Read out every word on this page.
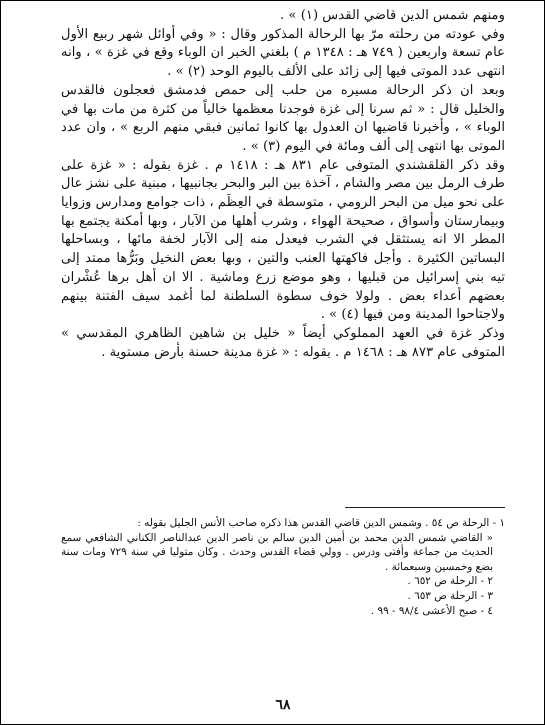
ومنهم شمس الدين قاضي القدس (١) » .

وفي عودته من رحلته مرّ بها الرحالة المذكور وقال : « وفي أوائل شهر ربيع الأول عام تسعة واربعين ( ٧٤٩ هـ : ١٣٤٨ م ) بلغني الخبر ان الوباء وقع في غزة » ، وانه انتهى عدد الموتى فيها إلى زائد على الألف باليوم الوحد (٢) » .

وبعد ان ذكر الرحالة مسيره من حلب إلى حمص فدمشق فعجلون فالقدس والخليل قال : « ثم سرنا إلى غزة فوجدنا معظمها خالياً من كثرة من مات بها في الوباء » ، وأخبرنا قاضيها ان العدول بها كانوا ثمانين فبقي منهم الربع » ، وان عدد الموتى بها انتهى إلى ألف ومائة في اليوم (٣) » .

وقد ذكر القلقشندي المتوفى عام ٨٣١ هـ : ١٤١٨ م . غزة بقوله : « غزة على طرف الرمل بين مصر والشام ، آخذة بين البر والبحر بجانبيها ، مبنية على نشز عال على نحو ميل من البحر الرومي ، متوسطة في العِظَم ، ذات جوامع ومدارس وزوايا وبيمارستان وأسواق ، صحيحة الهواء ، وشرب أهلها من الآبار ، وبها أمكنة يجتمع بها المطر الا انه يستثقل في الشرب فيعدل منه إلى الآبار لخفة مائها ، وبساحلها البساتين الكثيرة . وأجل فاكهتها العنب والتين ، وبها بعض النخيل وبَرُّها ممتد إلى تيه بني إسرائيل من قبليها ، وهو موضع زرع وماشية . الا ان أهل برها عُشْران بعضهم أعداء بعض . ولولا خوف سطوة السلطنة لما أغمد سيف الفتنة بينهم ولاجتاحوا المدينة ومن فيها (٤) » .

وذكر غزة في العهد المملوكي أيضاً « خليل بن شاهين الظاهري المقدسي » المتوفى عام ٨٧٣ هـ : ١٤٦٨ م . بقوله : « غزة مدينة حسنة بأرض مستوية .

١ - الرحلة ص ٥٤ . وشمس الدين قاضي القدس هذا ذكره صاحب الأنس الجليل بقوله :

« القاضي شمس الدين محمد بن أمين الدين سالم بن ناصر الدين عبدالناصر الكناني الشافعي سمع الحديث من جماعة وأفتى ودرس . وولي قضاء القدس وحدث . وكان متوليا في سنة ٧٢٩ ومات سنة بضع وخمسين وسبعمائة .

٢ - الرحلة ص ٦٥٢ .

٣ - الرحلة ص ٦٥٣ .

٤ - صبح الأعشى ٩٨/٤ - ٩٩ .

٦٨
